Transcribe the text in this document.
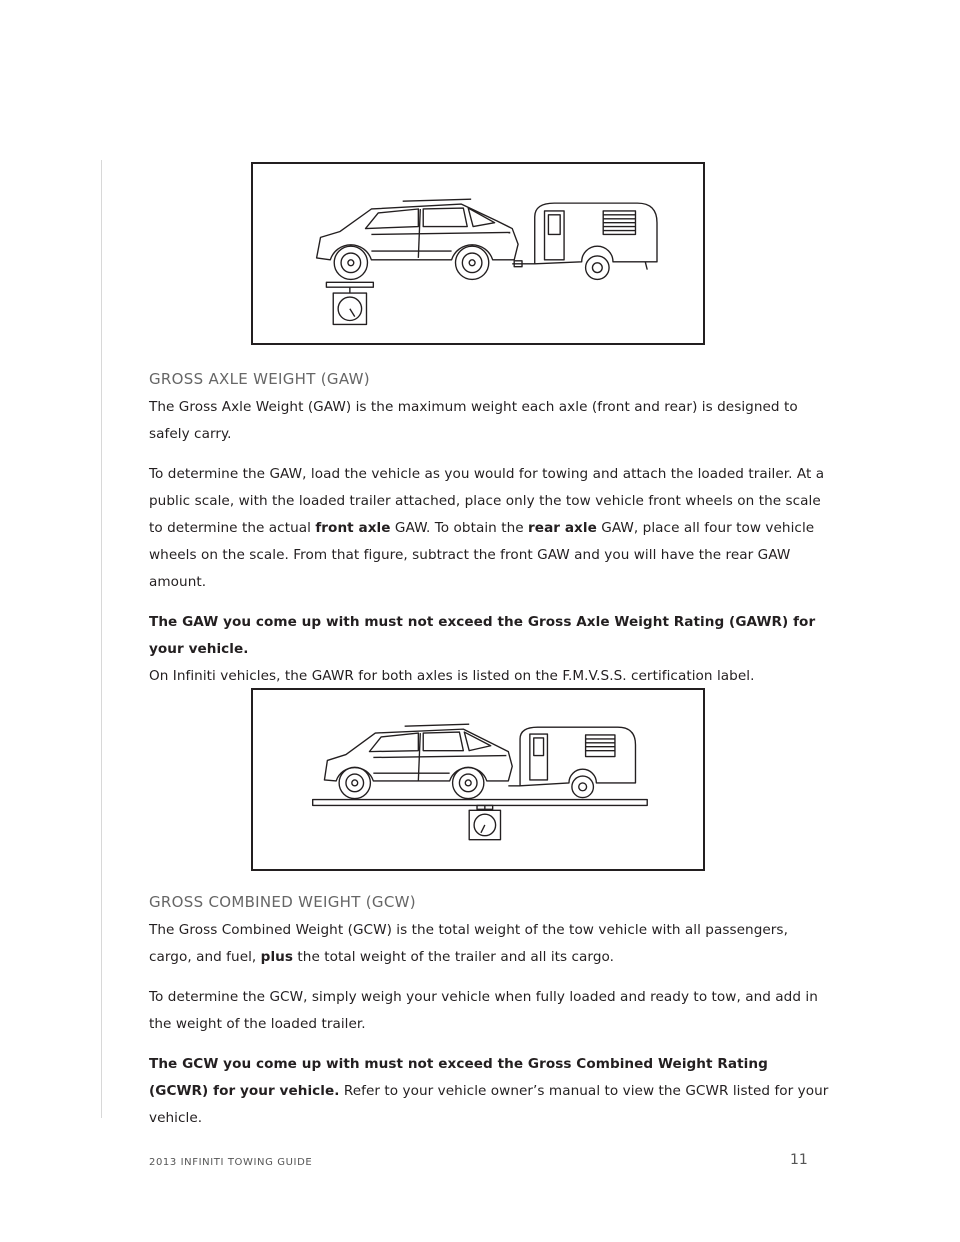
GROSS AXLE WEIGHT (GAW)

The Gross Axle Weight (GAW) is the maximum weight each axle (front and rear) is designed to safely carry.

To determine the GAW, load the vehicle as you would for towing and attach the loaded trailer. At a public scale, with the loaded trailer attached, place only the tow vehicle front wheels on the scale to determine the actual front axle GAW. To obtain the rear axle GAW, place all four tow vehicle wheels on the scale. From that figure, subtract the front GAW and you will have the rear GAW amount.

The GAW you come up with must not exceed the Gross Axle Weight Rating (GAWR) for your vehicle.
On Infiniti vehicles, the GAWR for both axles is listed on the F.M.V.S.S. certification label.

GROSS COMBINED WEIGHT (GCW)

The Gross Combined Weight (GCW) is the total weight of the tow vehicle with all passengers, cargo, and fuel, plus the total weight of the trailer and all its cargo.

To determine the GCW, simply weigh your vehicle when fully loaded and ready to tow, and add in the weight of the loaded trailer.

The GCW you come up with must not exceed the Gross Combined Weight Rating (GCWR) for your vehicle. Refer to your vehicle owner’s manual to view the GCWR listed for your vehicle.

2013 INFINITI TOWING GUIDE	11
